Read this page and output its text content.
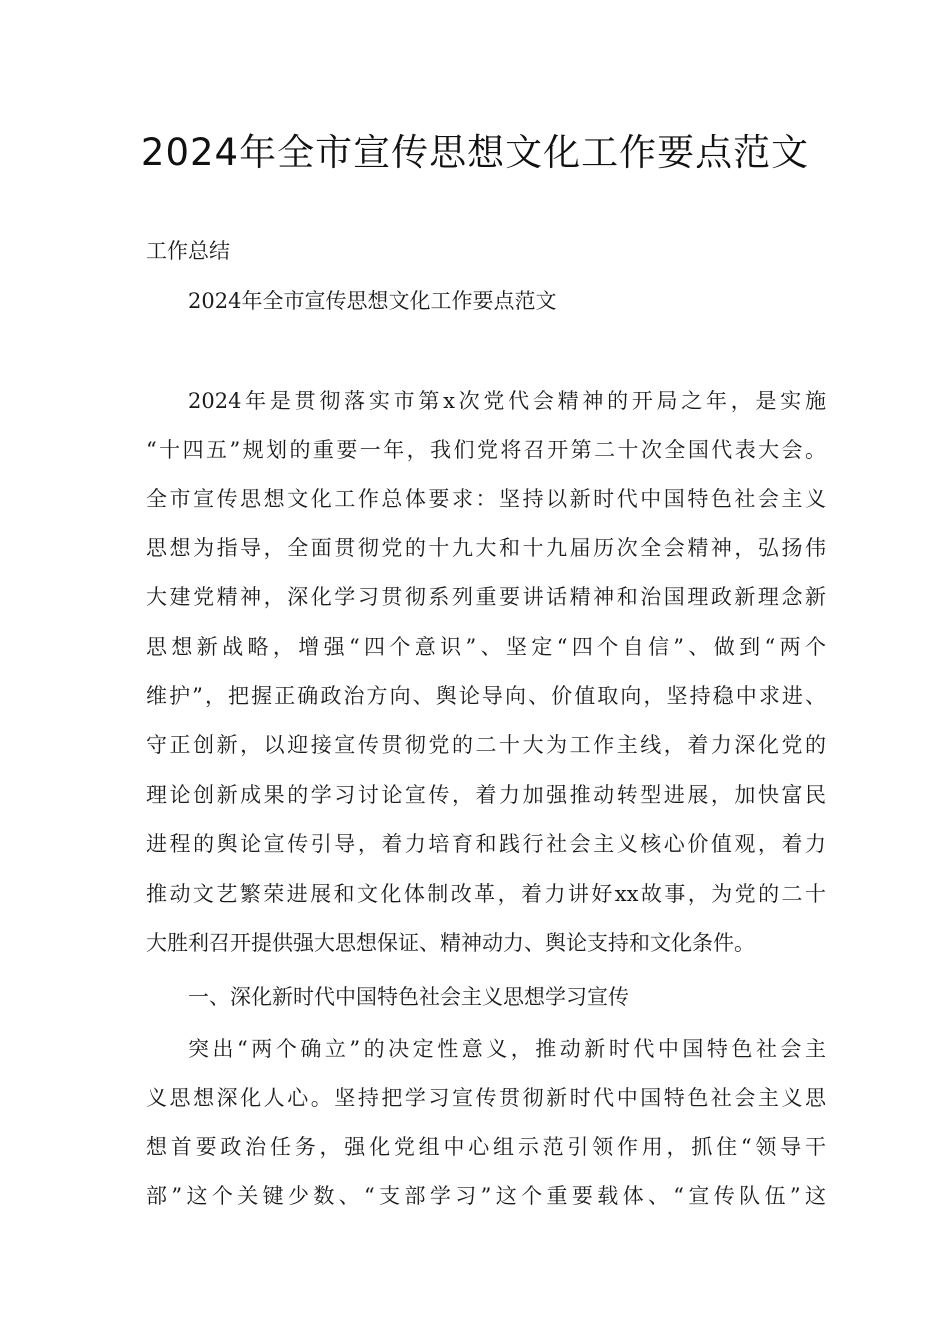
2024年全市宣传思想文化工作要点范文
工作总结
2024年全市宣传思想文化工作要点范文
2024年是贯彻落实市第x次党代会精神的开局之年，是实施
“十四五”规划的重要一年，我们党将召开第二十次全国代表大会。
全市宣传思想文化工作总体要求：坚持以新时代中国特色社会主义
思想为指导，全面贯彻党的十九大和十九届历次全会精神，弘扬伟
大建党精神，深化学习贯彻系列重要讲话精神和治国理政新理念新
思想新战略，增强“四个意识”、坚定“四个自信”、做到“两个
维护”，把握正确政治方向、舆论导向、价值取向，坚持稳中求进、
守正创新，以迎接宣传贯彻党的二十大为工作主线，着力深化党的
理论创新成果的学习讨论宣传，着力加强推动转型进展，加快富民
进程的舆论宣传引导，着力培育和践行社会主义核心价值观，着力
推动文艺繁荣进展和文化体制改革，着力讲好xx故事，为党的二十
大胜利召开提供强大思想保证、精神动力、舆论支持和文化条件。
一、深化新时代中国特色社会主义思想学习宣传
突出“两个确立”的决定性意义，推动新时代中国特色社会主
义思想深化人心。坚持把学习宣传贯彻新时代中国特色社会主义思
想首要政治任务，强化党组中心组示范引领作用，抓住“领导干
部”这个关键少数、“支部学习”这个重要载体、“宣传队伍”这
